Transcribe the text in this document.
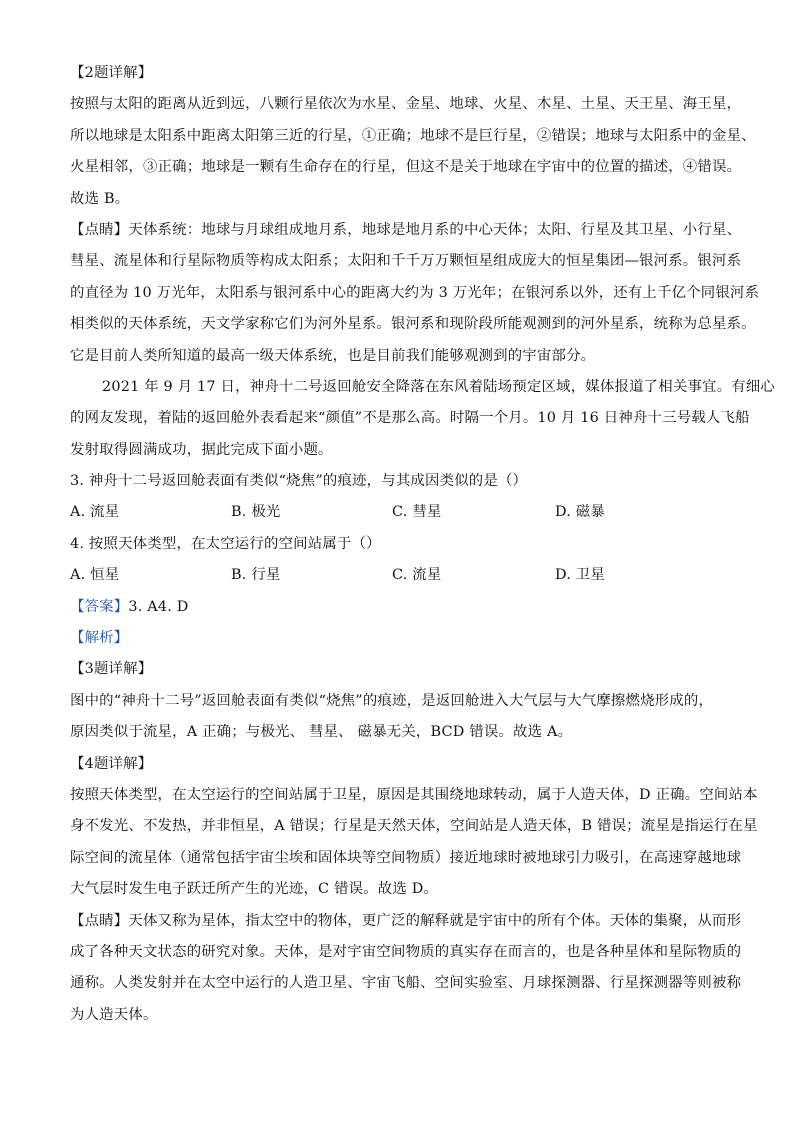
【2题详解】
按照与太阳的距离从近到远，八颗行星依次为水星、金星、地球、火星、木星、土星、天王星、海王星，
所以地球是太阳系中距离太阳第三近的行星，①正确；地球不是巨行星，②错误；地球与太阳系中的金星、
火星相邻，③正确；地球是一颗有生命存在的行星，但这不是关于地球在宇宙中的位置的描述，④错误。
故选 B。
【点睛】天体系统：地球与月球组成地月系，地球是地月系的中心天体；太阳、行星及其卫星、小行星、
彗星、流星体和行星际物质等构成太阳系；太阳和千千万万颗恒星组成庞大的恒星集团—银河系。银河系
的直径为 10 万光年，太阳系与银河系中心的距离大约为 3 万光年；在银河系以外，还有上千亿个同银河系
相类似的天体系统，天文学家称它们为河外星系。银河系和现阶段所能观测到的河外星系，统称为总星系。
它是目前人类所知道的最高一级天体系统，也是目前我们能够观测到的宇宙部分。
2021 年 9 月 17 日，神舟十二号返回舱安全降落在东风着陆场预定区域，媒体报道了相关事宜。有细心
的网友发现，着陆的返回舱外表看起来“颜值”不是那么高。时隔一个月。10 月 16 日神舟十三号载人飞船
发射取得圆满成功，据此完成下面小题。
3. 神舟十二号返回舱表面有类似“烧焦”的痕迹，与其成因类似的是（）
A. 流星	B. 极光	C. 彗星	D. 磁暴
4. 按照天体类型，在太空运行的空间站属于（）
A. 恒星	B. 行星	C. 流星	D. 卫星
【答案】3. A4. D
【解析】
【3题详解】
图中的“神舟十二号”返回舱表面有类似“烧焦”的痕迹，是返回舱进入大气层与大气摩擦燃烧形成的，
原因类似于流星，A 正确；与极光、 彗星、 磁暴无关，BCD 错误。故选 A。
【4题详解】
按照天体类型，在太空运行的空间站属于卫星，原因是其围绕地球转动，属于人造天体，D 正确。空间站本
身不发光、不发热，并非恒星，A 错误；行星是天然天体，空间站是人造天体，B 错误；流星是指运行在星
际空间的流星体（通常包括宇宙尘埃和固体块等空间物质）接近地球时被地球引力吸引，在高速穿越地球
大气层时发生电子跃迁所产生的光迹，C 错误。故选 D。
【点睛】天体又称为星体，指太空中的物体，更广泛的解释就是宇宙中的所有个体。天体的集聚，从而形
成了各种天文状态的研究对象。天体，是对宇宙空间物质的真实存在而言的，也是各种星体和星际物质的
通称。人类发射并在太空中运行的人造卫星、宇宙飞船、空间实验室、月球探测器、行星探测器等则被称
为人造天体。
